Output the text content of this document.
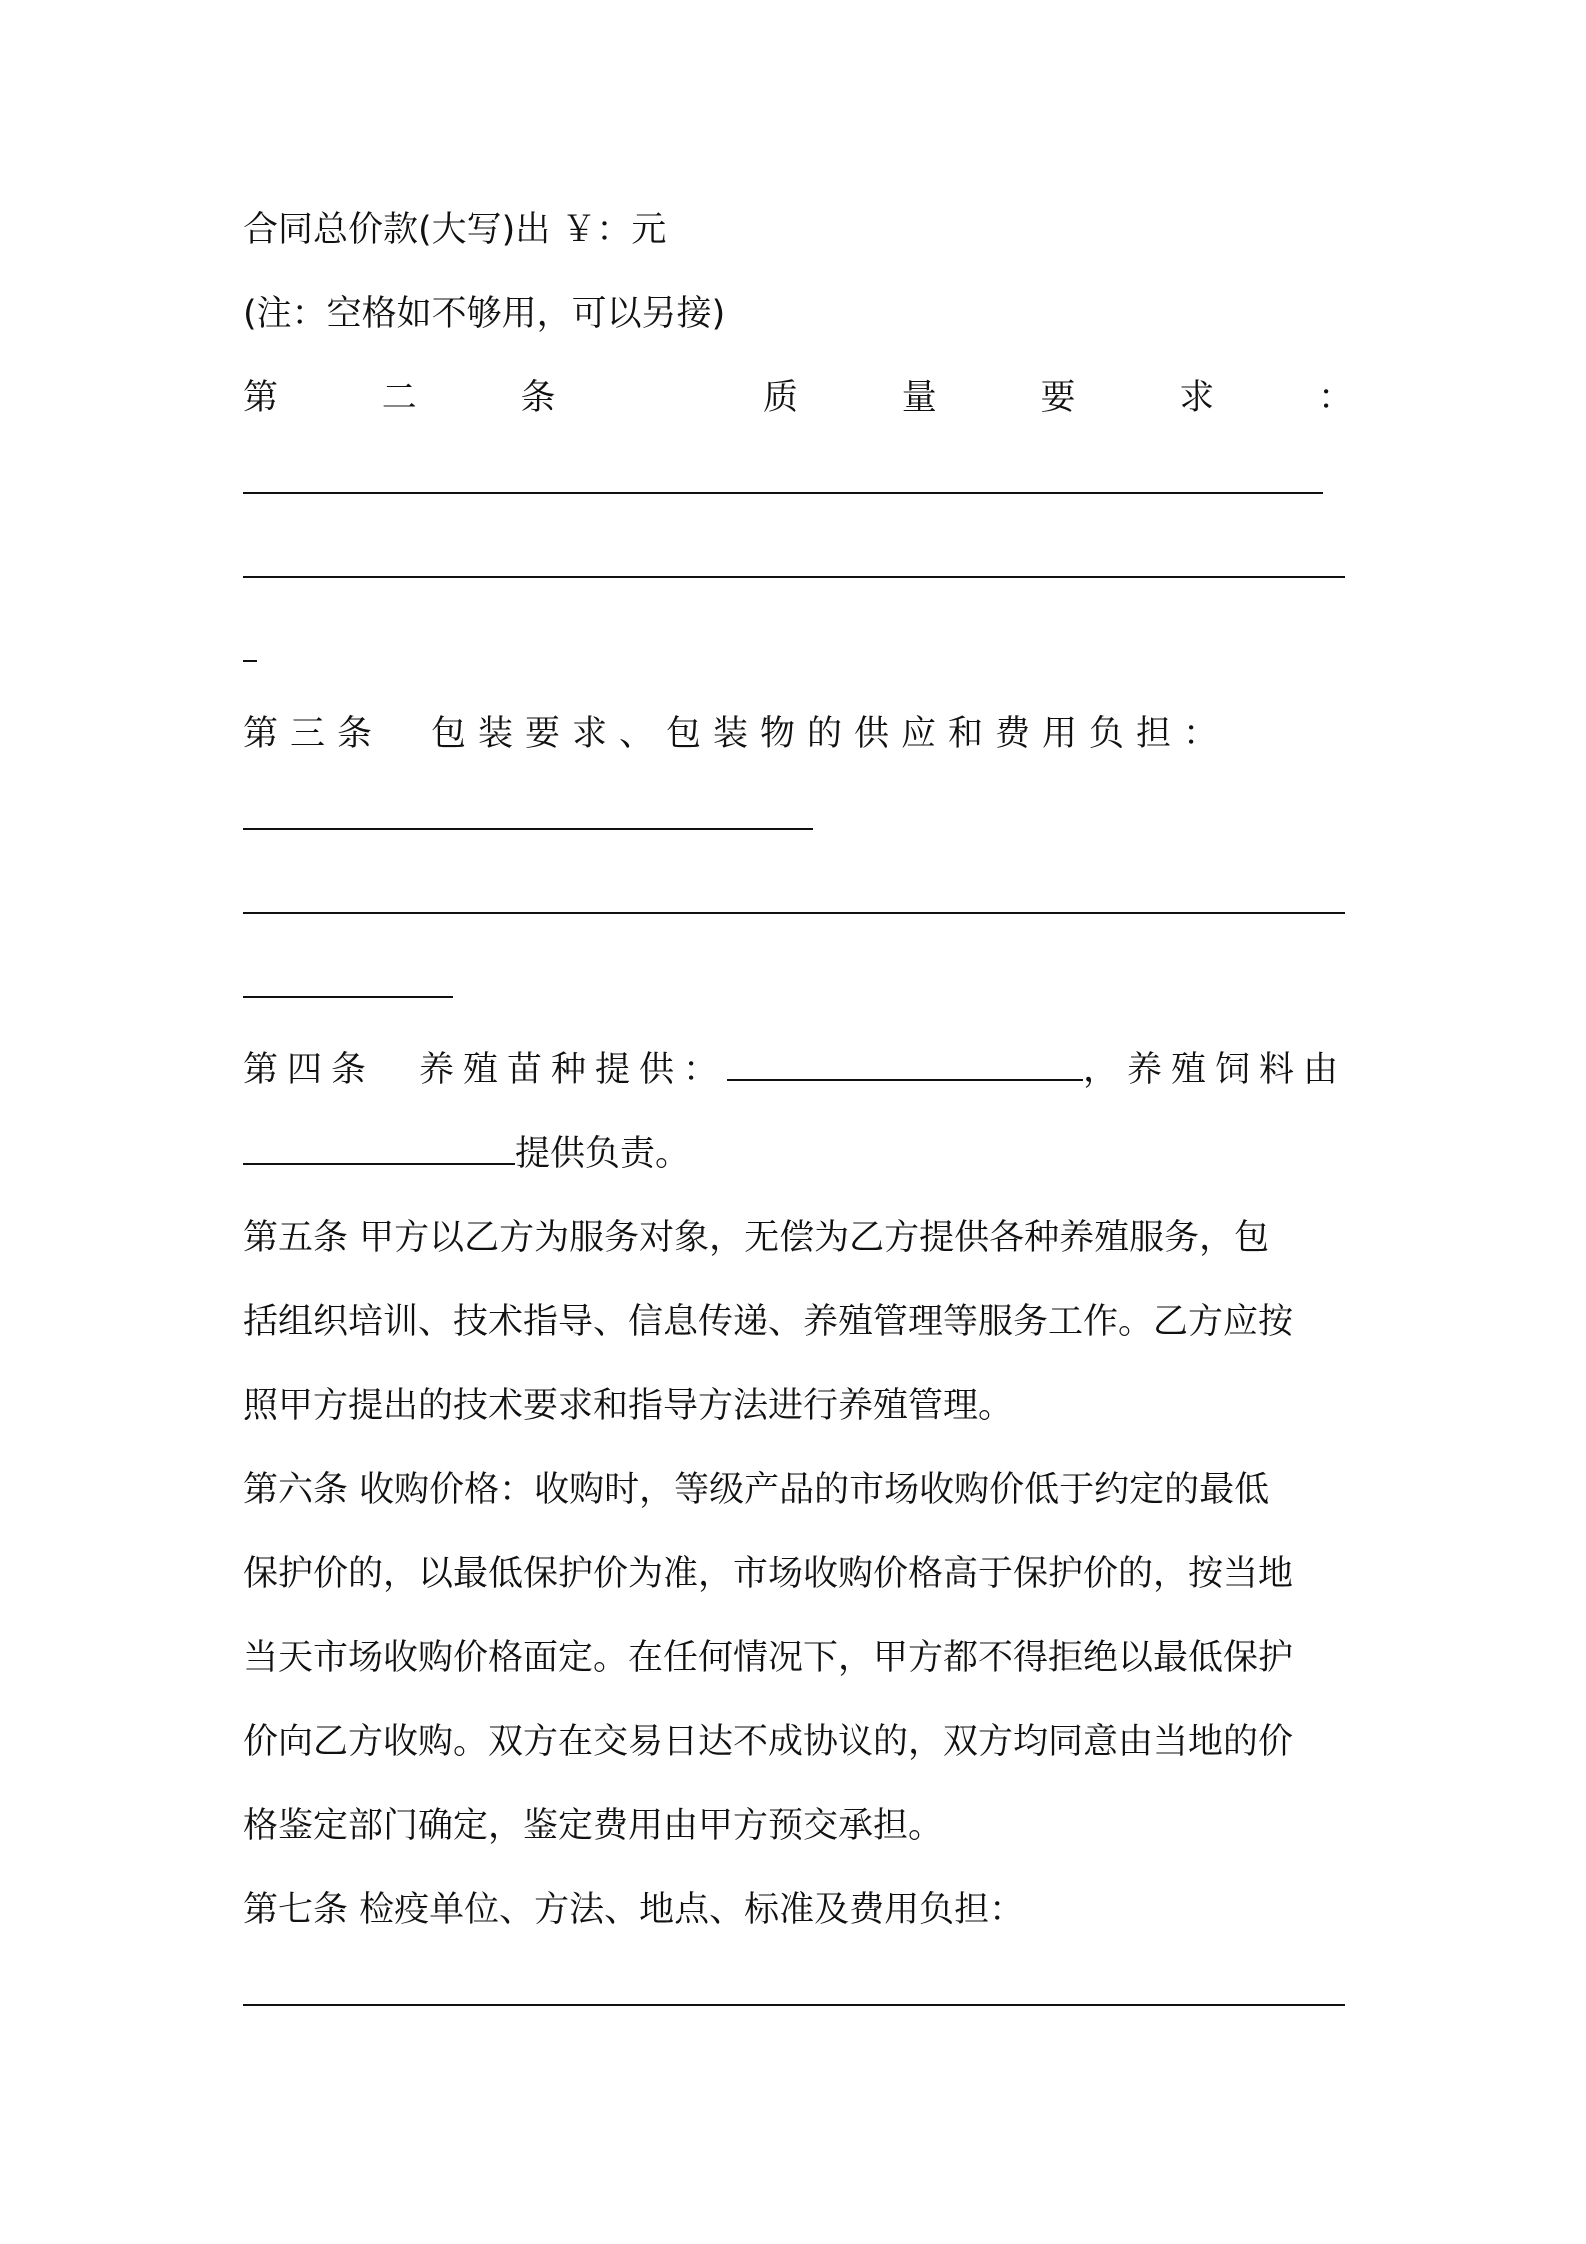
合同总价款(大写)出 ￥：元
(注：空格如不够用，可以另接)
第	二	条	质	量	要	求	：
第三条　包装要求、包装物的供应和费用负担：
第四条　养殖苗种提供：	，养殖饲料由
提供负责。
第五条 甲方以乙方为服务对象，无偿为乙方提供各种养殖服务，包
括组织培训、技术指导、信息传递、养殖管理等服务工作。乙方应按
照甲方提出的技术要求和指导方法进行养殖管理。
第六条 收购价格：收购时，等级产品的市场收购价低于约定的最低
保护价的，以最低保护价为准，市场收购价格高于保护价的，按当地
当天市场收购价格面定。在任何情况下，甲方都不得拒绝以最低保护
价向乙方收购。双方在交易日达不成协议的，双方均同意由当地的价
格鉴定部门确定，鉴定费用由甲方预交承担。
第七条 检疫单位、方法、地点、标准及费用负担：
